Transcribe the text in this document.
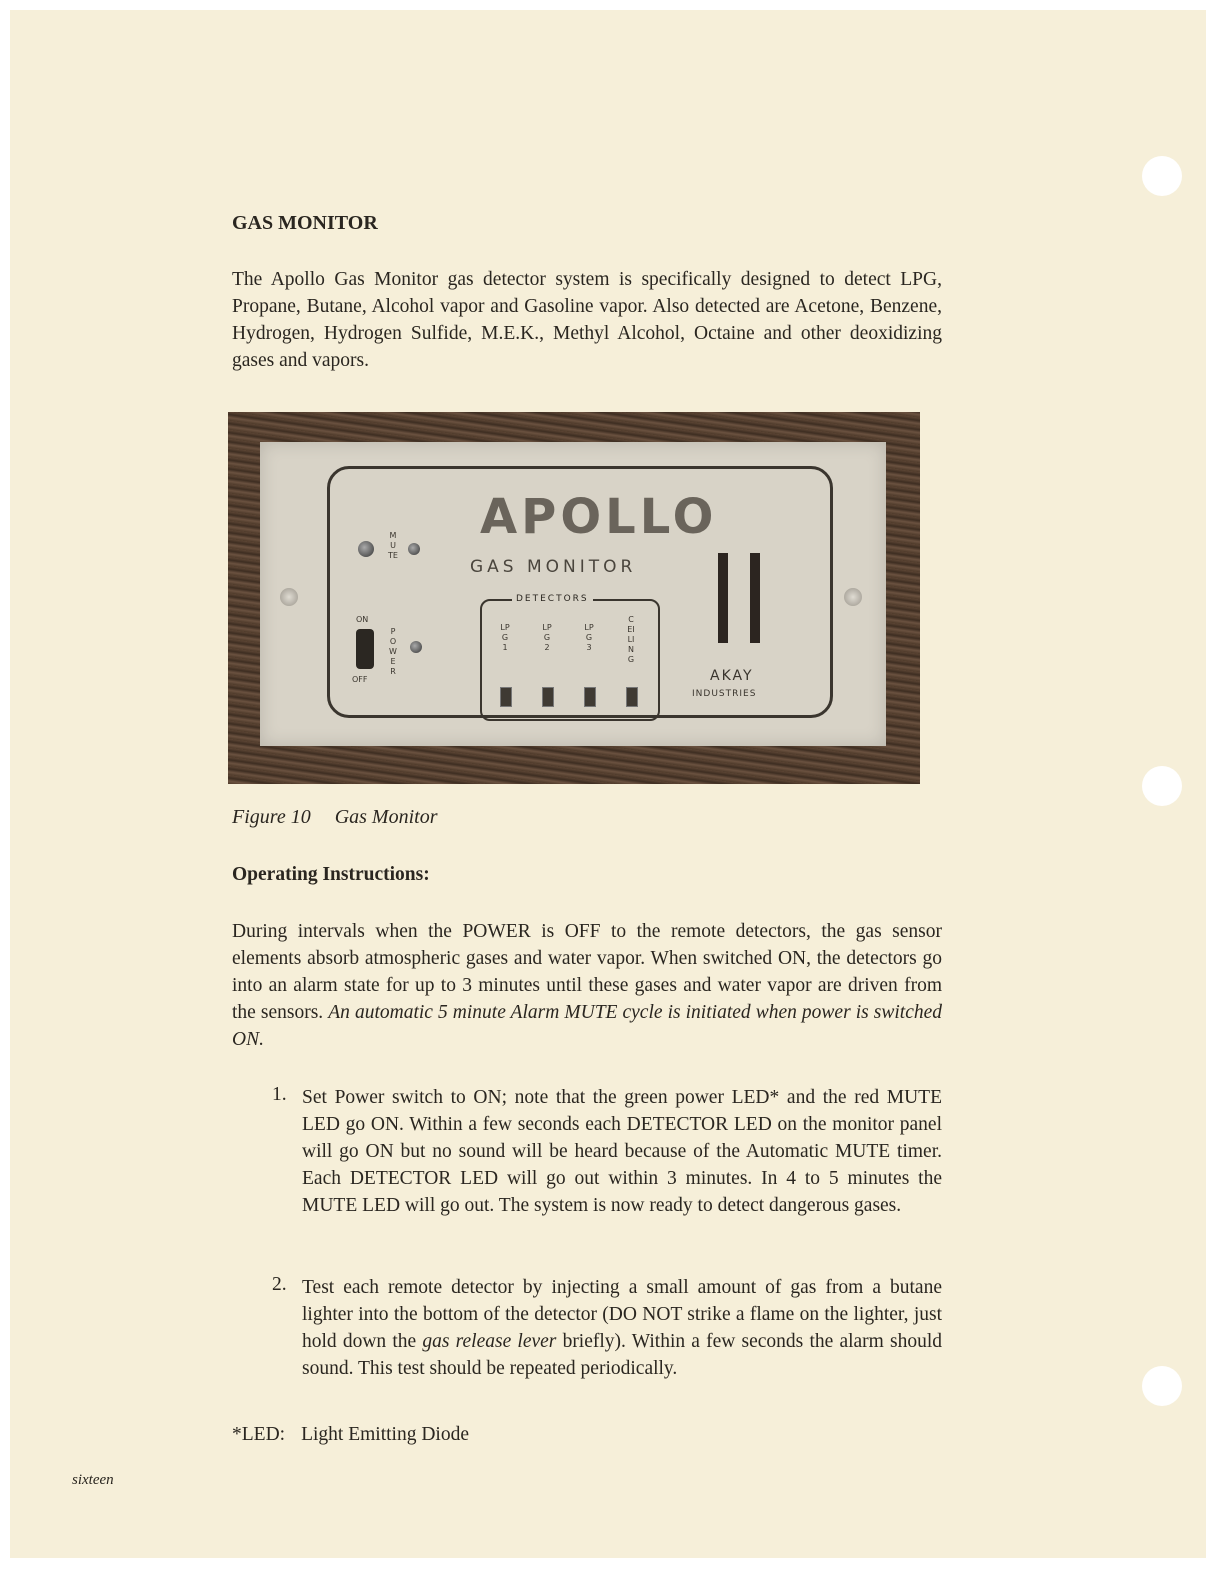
GAS MONITOR
The Apollo Gas Monitor gas detector system is specifically designed to detect LPG, Propane, Butane, Alcohol vapor and Gasoline vapor. Also detected are Acetone, Benzene, Hydrogen, Hydrogen Sulfide, M.E.K., Methyl Alcohol, Octaine and other deoxidizing gases and vapors.
MUTE
APOLLO
GAS MONITOR
ON
OFF
POWER
DETECTORS
LPG 1
LPG 2
LPG 3
CEILING
AKAY
INDUSTRIES
Figure 10 Gas Monitor
Operating Instructions:
During intervals when the POWER is OFF to the remote detectors, the gas sensor elements absorb atmospheric gases and water vapor. When switched ON, the detectors go into an alarm state for up to 3 minutes until these gases and water vapor are driven from the sensors. An automatic 5 minute Alarm MUTE cycle is initiated when power is switched ON.
1. Set Power switch to ON; note that the green power LED* and the red MUTE LED go ON. Within a few seconds each DETECTOR LED on the monitor panel will go ON but no sound will be heard because of the Automatic MUTE timer. Each DETECTOR LED will go out within 3 minutes. In 4 to 5 minutes the MUTE LED will go out. The system is now ready to detect dangerous gases.
2. Test each remote detector by injecting a small amount of gas from a butane lighter into the bottom of the detector (DO NOT strike a flame on the lighter, just hold down the gas release lever briefly). Within a few seconds the alarm should sound. This test should be repeated periodically.
*LED: Light Emitting Diode
sixteen
